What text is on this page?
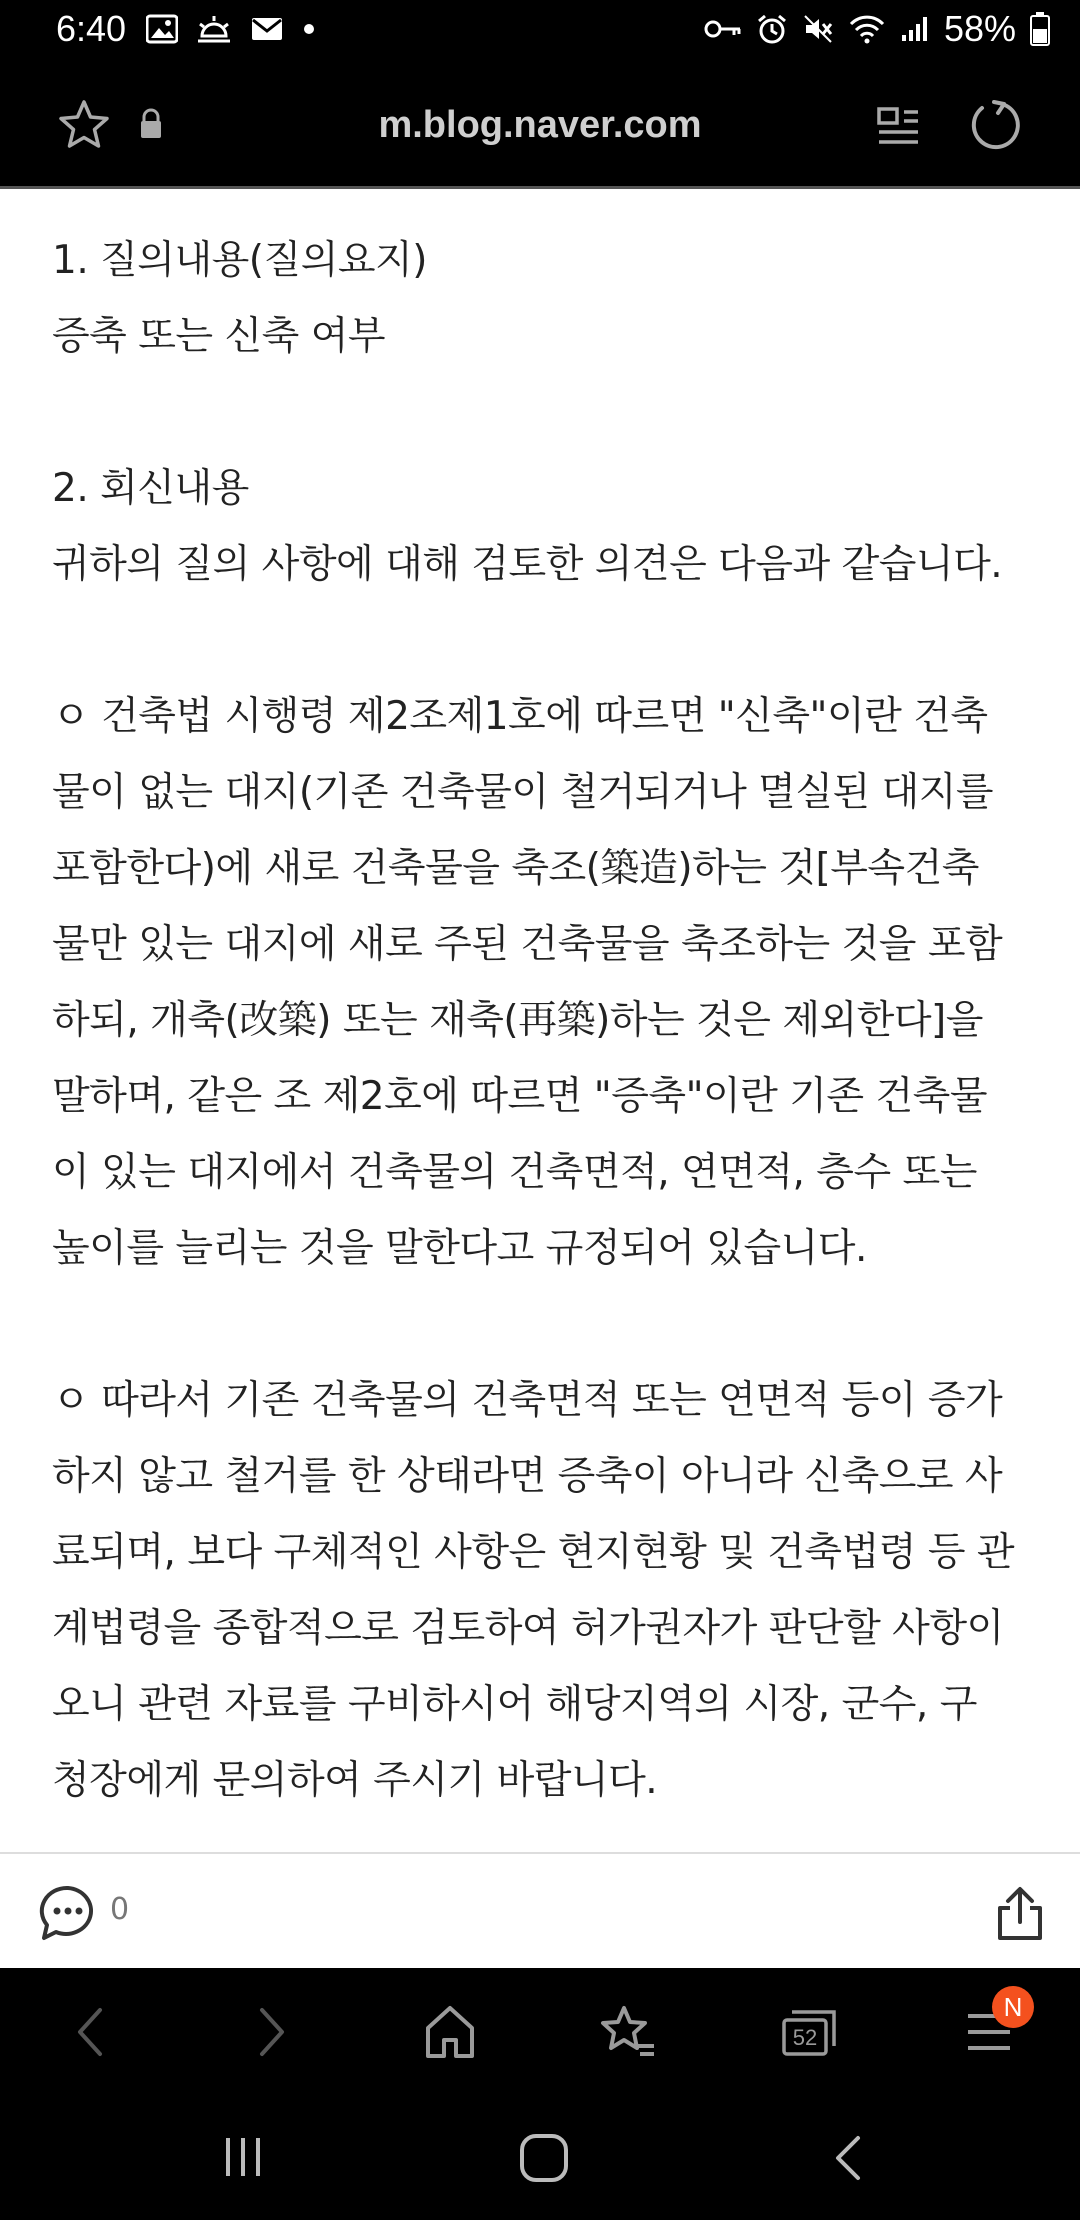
6:40	58%
m.blog.naver.com

1. 질의내용(질의요지)

증축 또는 신축 여부

2. 회신내용

귀하의 질의 사항에 대해 검토한 의견은 다음과 같습니다.

ㅇ 건축법 시행령 제2조제1호에 따르면 "신축"이란 건축

물이 없는 대지(기존 건축물이 철거되거나 멸실된 대지를

포함한다)에 새로 건축물을 축조(築造)하는 것[부속건축

물만 있는 대지에 새로 주된 건축물을 축조하는 것을 포함

하되, 개축(改築) 또는 재축(再築)하는 것은 제외한다]을

말하며, 같은 조 제2호에 따르면 "증축"이란 기존 건축물

이 있는 대지에서 건축물의 건축면적, 연면적, 층수 또는

높이를 늘리는 것을 말한다고 규정되어 있습니다.

ㅇ 따라서 기존 건축물의 건축면적 또는 연면적 등이 증가

하지 않고 철거를 한 상태라면 증축이 아니라 신축으로 사

료되며, 보다 구체적인 사항은 현지현황 및 건축법령 등 관

계법령을 종합적으로 검토하여 허가권자가 판단할 사항이

오니 관련 자료를 구비하시어 해당지역의 시장, 군수, 구

청장에게 문의하여 주시기 바랍니다.

0
52
N
